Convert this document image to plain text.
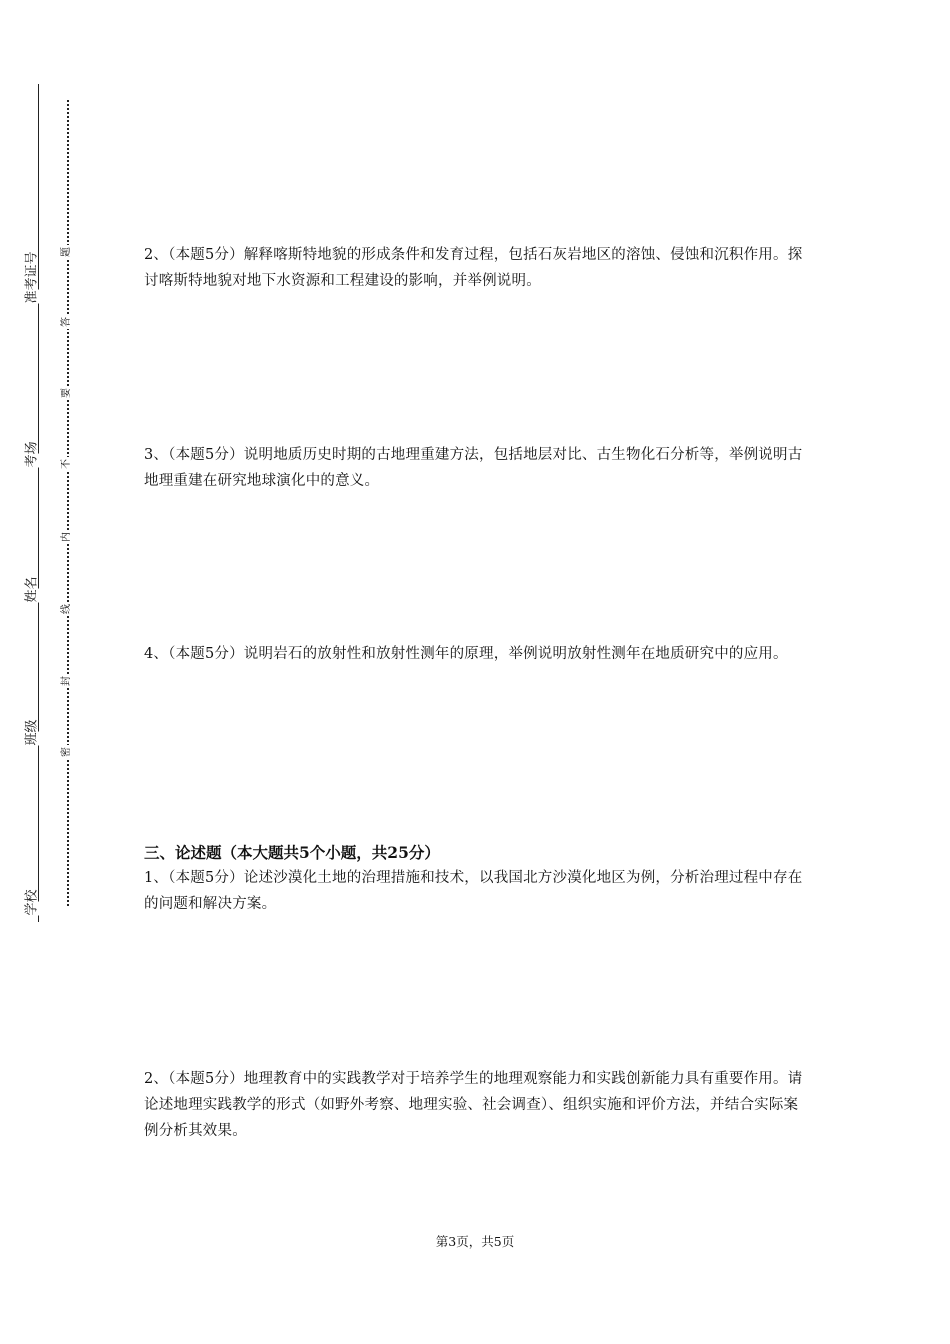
准考证号
考场
姓名
班级
学校
题
答
要
不
内
线
封
密

2、（本题5分）解释喀斯特地貌的形成条件和发育过程，包括石灰岩地区的溶蚀、侵蚀和沉积作用。探讨喀斯特地貌对地下水资源和工程建设的影响，并举例说明。

3、（本题5分）说明地质历史时期的古地理重建方法，包括地层对比、古生物化石分析等，举例说明古地理重建在研究地球演化中的意义。

4、（本题5分）说明岩石的放射性和放射性测年的原理，举例说明放射性测年在地质研究中的应用。

三、论述题（本大题共5个小题，共25分）

1、（本题5分）论述沙漠化土地的治理措施和技术，以我国北方沙漠化地区为例，分析治理过程中存在的问题和解决方案。

2、（本题5分）地理教育中的实践教学对于培养学生的地理观察能力和实践创新能力具有重要作用。请论述地理实践教学的形式（如野外考察、地理实验、社会调查）、组织实施和评价方法，并结合实际案例分析其效果。

第3页，共5页
